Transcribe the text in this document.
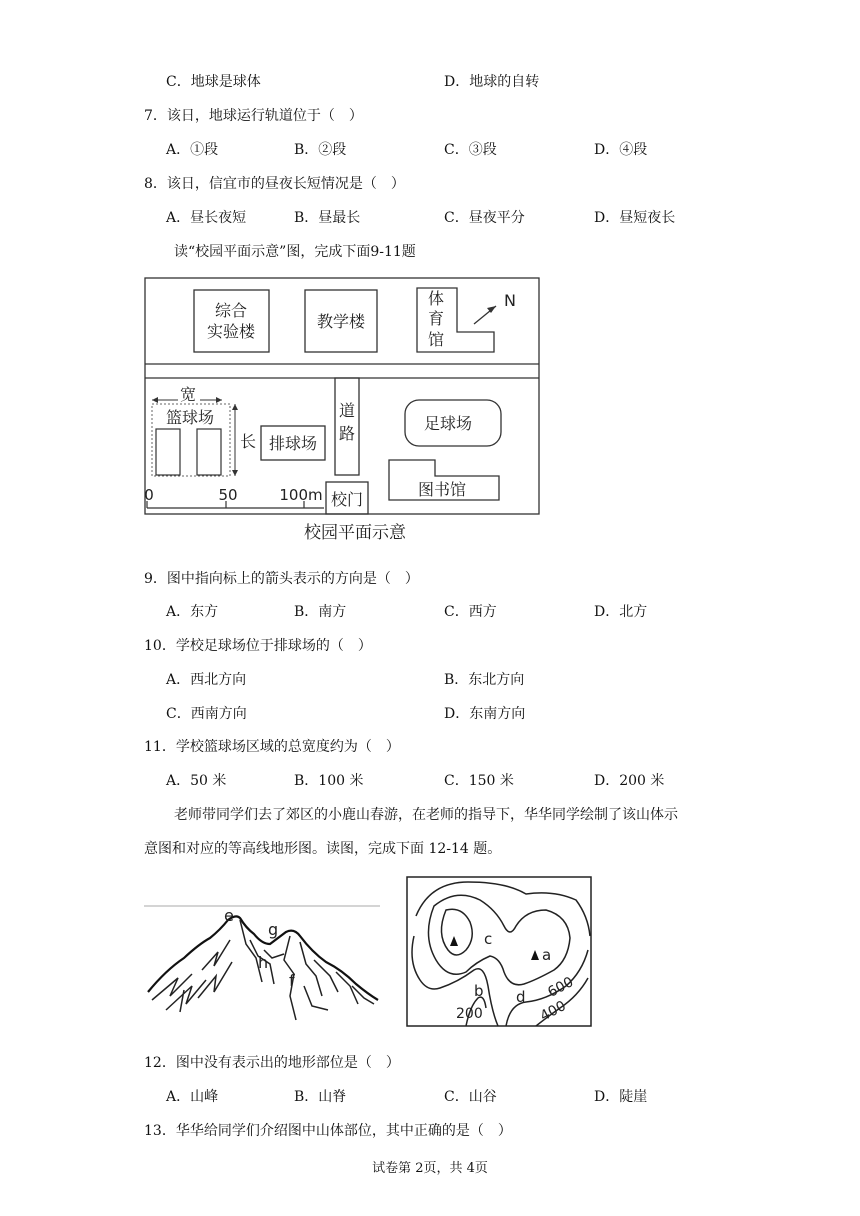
C．地球是球体	D．地球的自转
7．该日，地球运行轨道位于（　）
A．①段	B．②段	C．③段	D．④段
8．该日，信宜市的昼夜长短情况是（　）
A．昼长夜短	B．昼最长	C．昼夜平分	D．昼短夜长
读“校园平面示意”图，完成下面9-11题
综合
实验楼
教学楼
体
育
馆
N
宽
篮球场
长 排球场
道
路
校门
足球场
图书馆
0	50	100m
校园平面示意
9．图中指向标上的箭头表示的方向是（　）
A．东方	B．南方	C．西方	D．北方
10．学校足球场位于排球场的（　）
A．西北方向	B．东北方向
C．西南方向	D．东南方向
11．学校篮球场区域的总宽度约为（　）
A．50 米	B．100 米	C．150 米	D．200 米
老师带同学们去了郊区的小鹿山春游，在老师的指导下，华华同学绘制了该山体示
意图和对应的等高线地形图。读图，完成下面 12-14 题。
e
g
h
f
c
a
b d 600
200	400
12．图中没有表示出的地形部位是（　）
A．山峰	B．山脊	C．山谷	D．陡崖
13．华华给同学们介绍图中山体部位，其中正确的是（　）
试卷第 2页，共 4页
